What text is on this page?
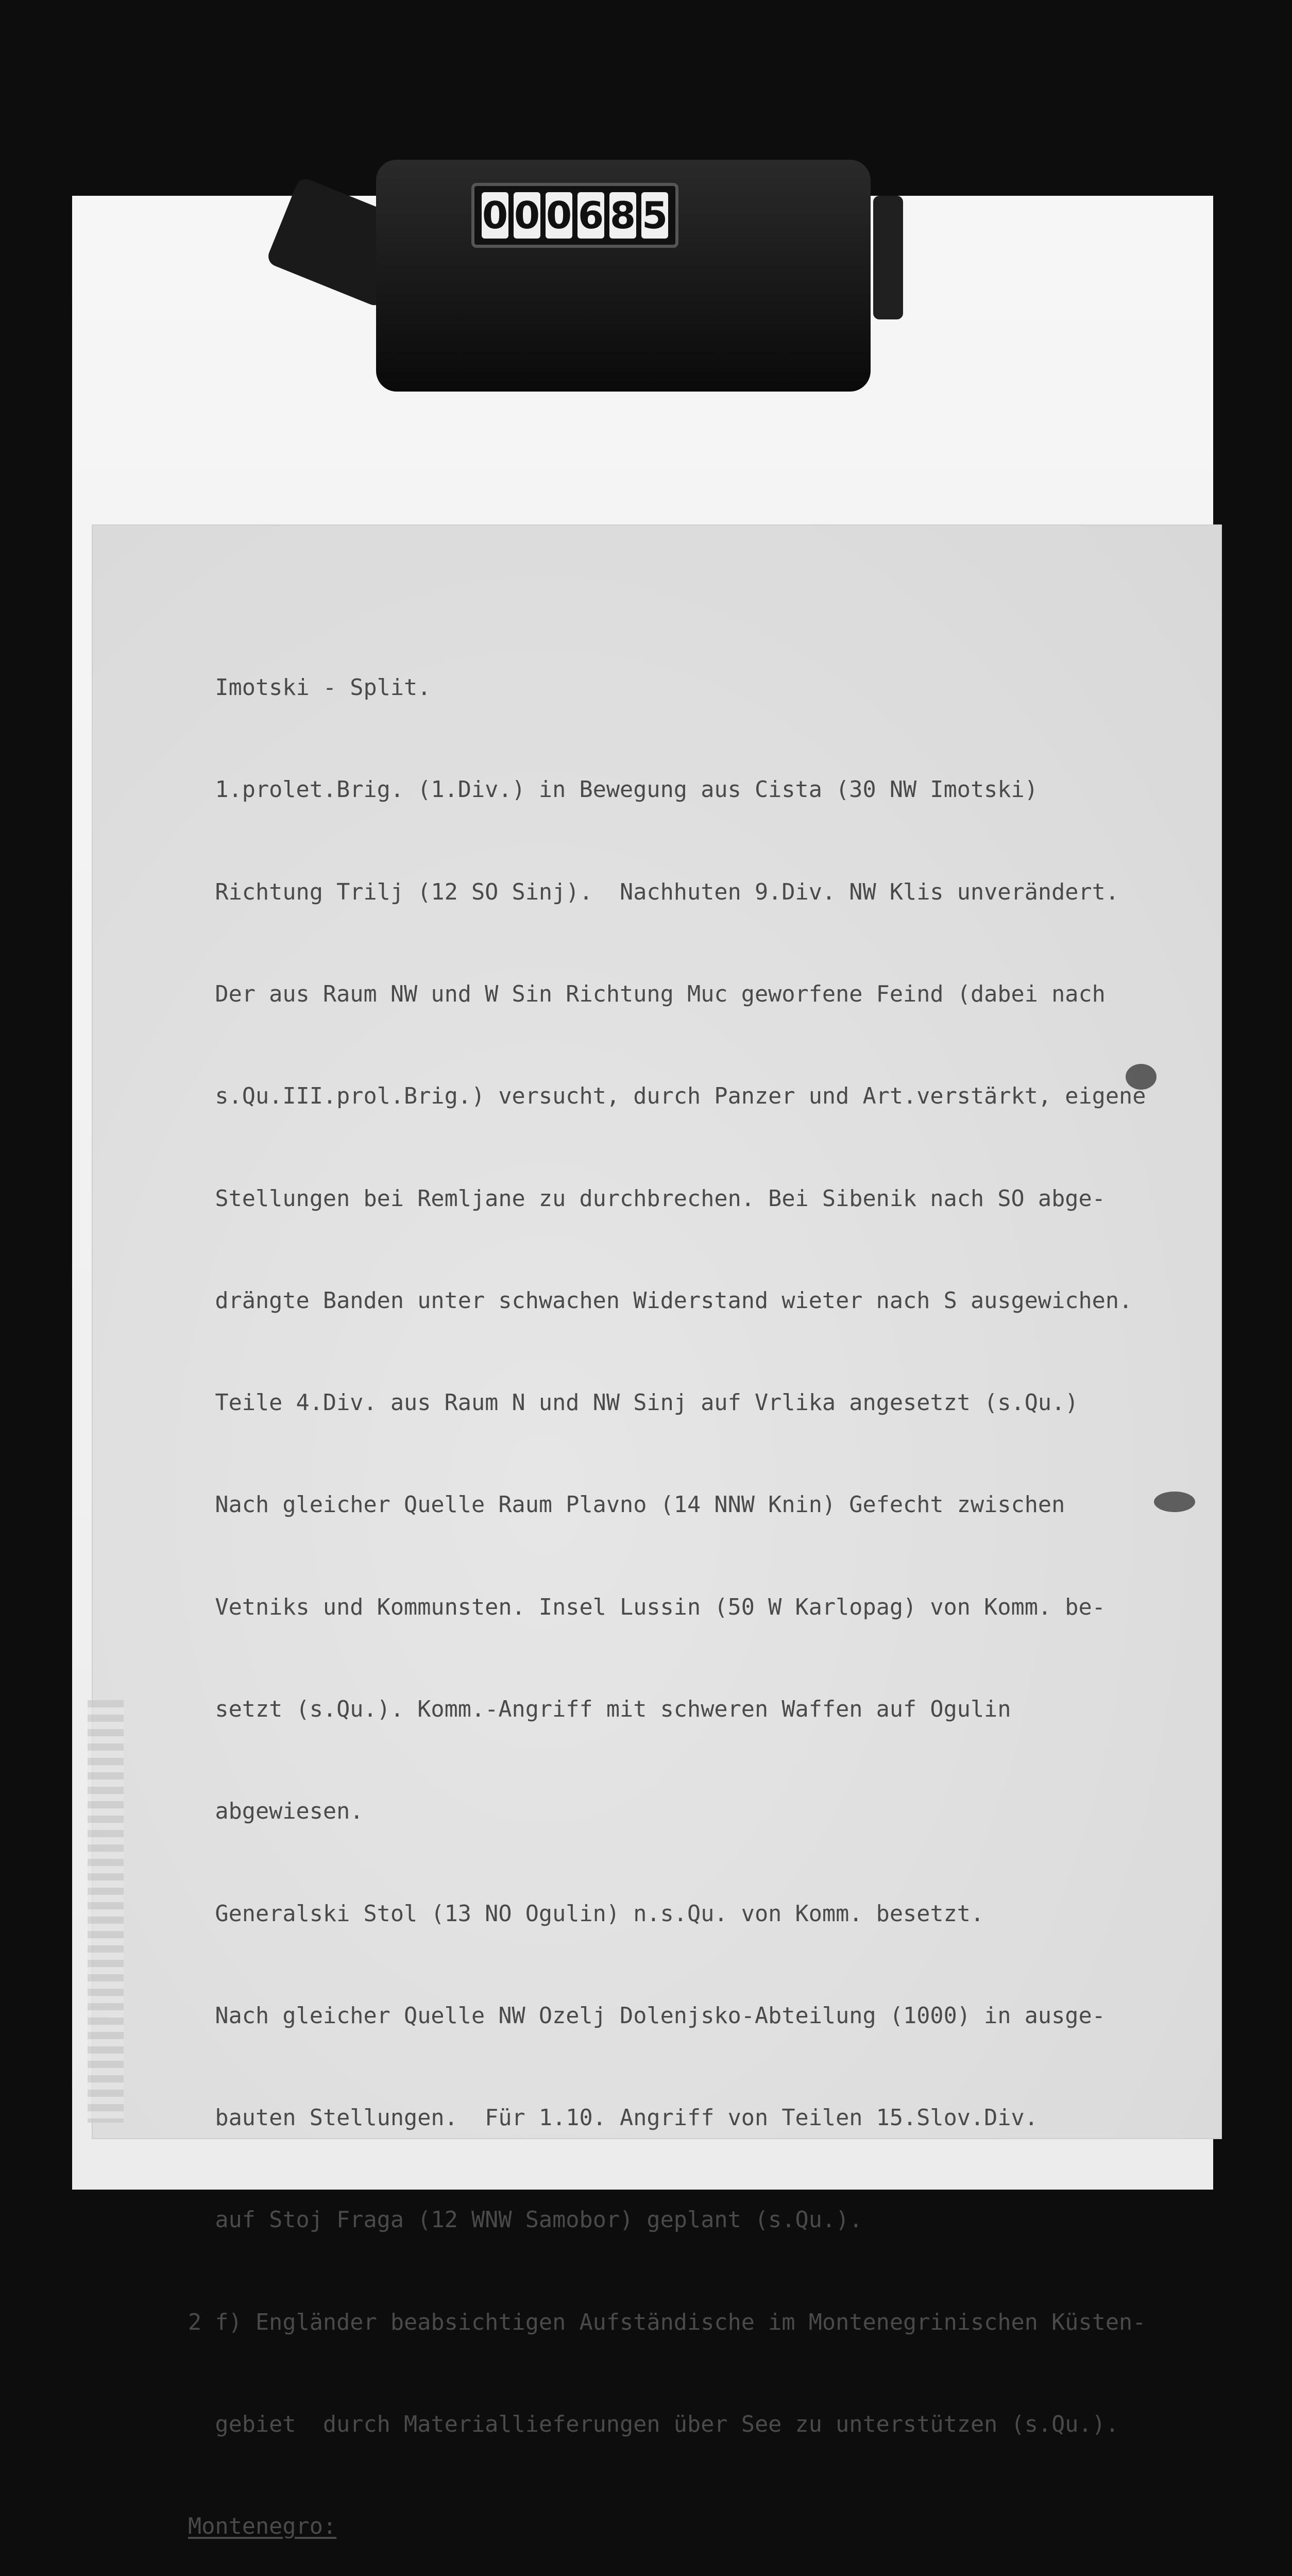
0 0 0 6 8 5

Imotski - Split.

1.prolet.Brig. (1.Div.) in Bewegung aus Cista (30 NW Imotski)

Richtung Trilj (12 SO Sinj).  Nachhuten 9.Div. NW Klis unverändert.

Der aus Raum NW und W Sin Richtung Muc geworfene Feind (dabei nach

s.Qu.III.prol.Brig.) versucht, durch Panzer und Art.verstärkt, eigene

Stellungen bei Remljane zu durchbrechen. Bei Sibenik nach SO abge-

drängte Banden unter schwachen Widerstand wieter nach S ausgewichen.

Teile 4.Div. aus Raum N und NW Sinj auf Vrlika angesetzt (s.Qu.)

Nach gleicher Quelle Raum Plavno (14 NNW Knin) Gefecht zwischen

Vetniks und Kommunsten. Insel Lussin (50 W Karlopag) von Komm. be-

setzt (s.Qu.). Komm.-Angriff mit schweren Waffen auf Ogulin

abgewiesen.

Generalski Stol (13 NO Ogulin) n.s.Qu. von Komm. besetzt.

Nach gleicher Quelle NW Ozelj Dolenjsko-Abteilung (1000) in ausge-

bauten Stellungen.  Für 1.10. Angriff von Teilen 15.Slov.Div.

auf Stoj Fraga (12 WNW Samobor) geplant (s.Qu.).

2 f) Engländer beabsichtigen Aufständische im Montenegrinischen Küsten-

gebiet  durch Materiallieferungen über See zu unterstützen (s.Qu.).

Montenegro:
